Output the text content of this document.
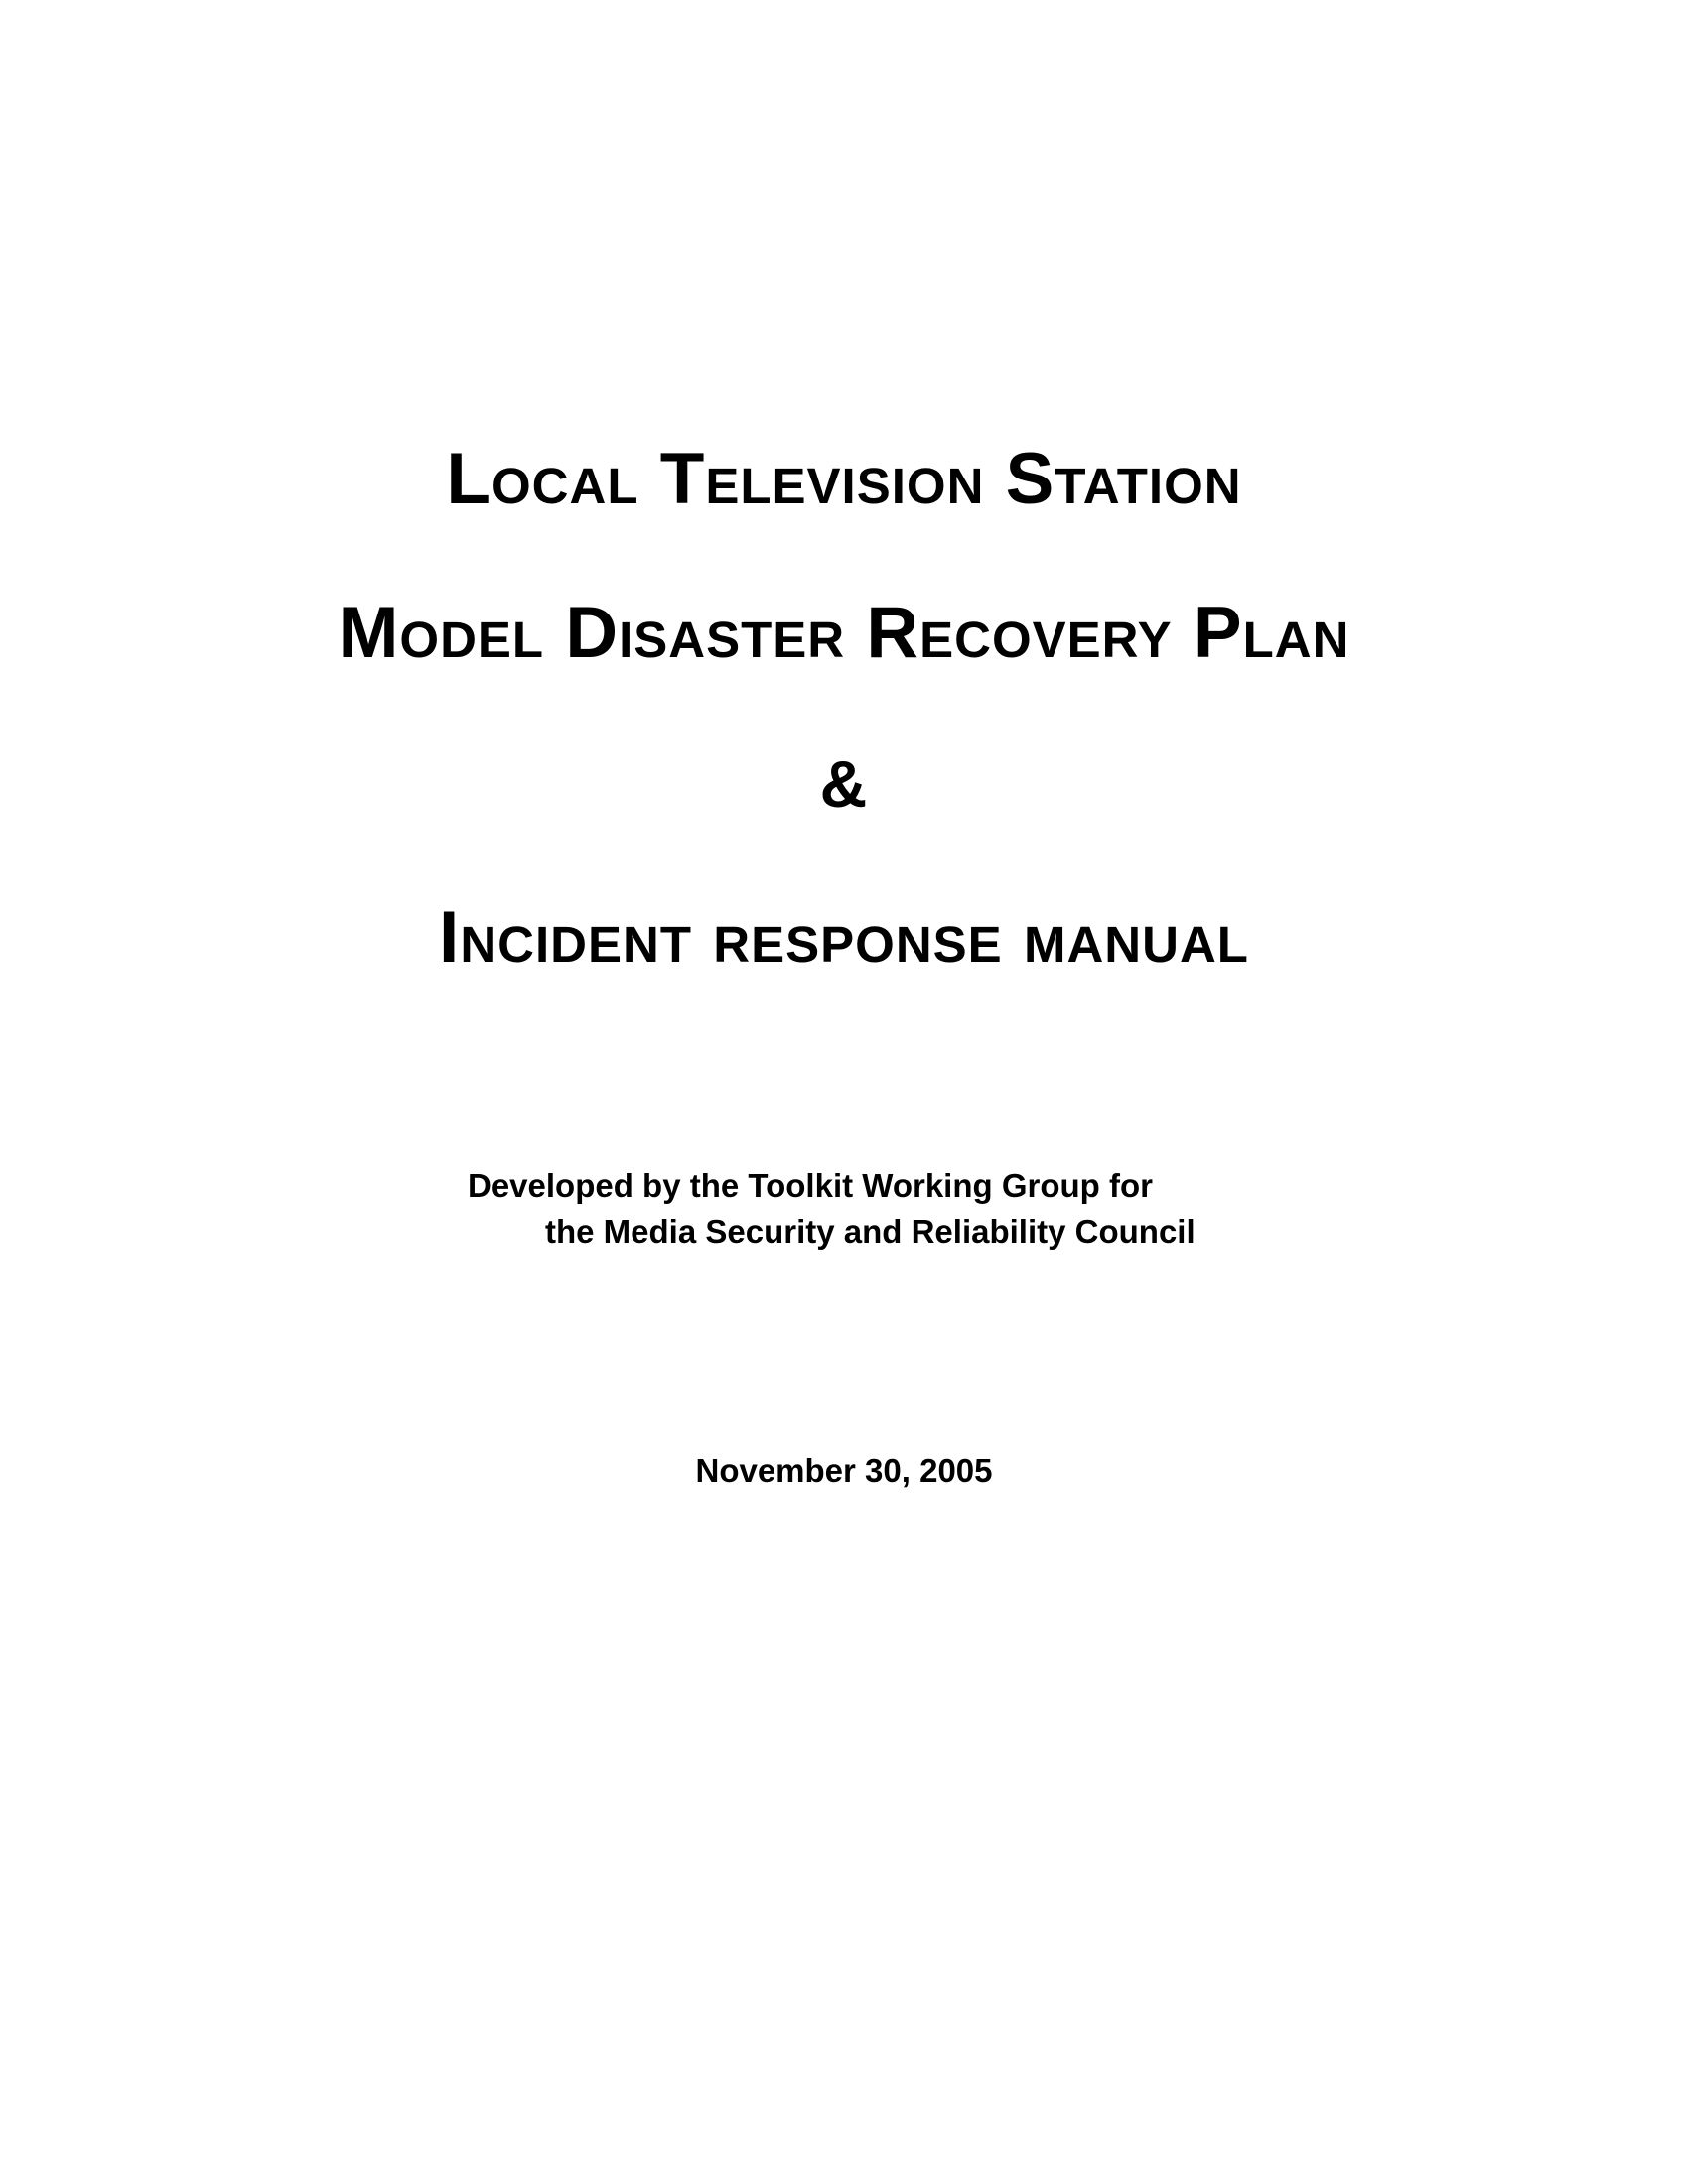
Local Television Station
Model Disaster Recovery Plan
&
Incident response manual

Developed by the Toolkit Working Group for

the Media Security and Reliability Council

November 30, 2005
